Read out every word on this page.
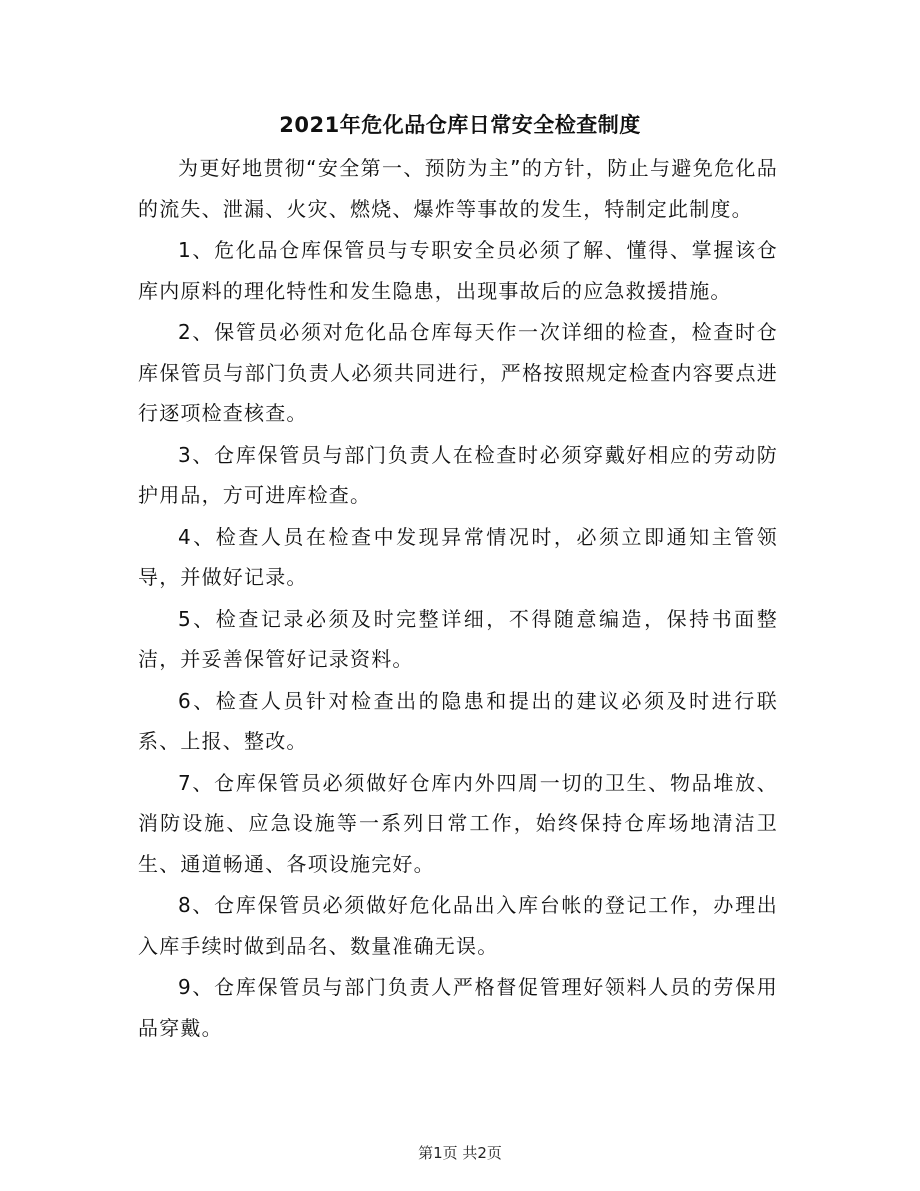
2021年危化品仓库日常安全检查制度

为更好地贯彻“安全第一、预防为主”的方针，防止与避免危化品的流失、泄漏、火灾、燃烧、爆炸等事故的发生，特制定此制度。

1、危化品仓库保管员与专职安全员必须了解、懂得、掌握该仓库内原料的理化特性和发生隐患，出现事故后的应急救援措施。

2、保管员必须对危化品仓库每天作一次详细的检查，检查时仓库保管员与部门负责人必须共同进行，严格按照规定检查内容要点进行逐项检查核查。

3、仓库保管员与部门负责人在检查时必须穿戴好相应的劳动防护用品，方可进库检查。

4、检查人员在检查中发现异常情况时，必须立即通知主管领导，并做好记录。

5、检查记录必须及时完整详细，不得随意编造，保持书面整洁，并妥善保管好记录资料。

6、检查人员针对检查出的隐患和提出的建议必须及时进行联系、上报、整改。

7、仓库保管员必须做好仓库内外四周一切的卫生、物品堆放、消防设施、应急设施等一系列日常工作，始终保持仓库场地清洁卫生、通道畅通、各项设施完好。

8、仓库保管员必须做好危化品出入库台帐的登记工作，办理出入库手续时做到品名、数量准确无误。

9、仓库保管员与部门负责人严格督促管理好领料人员的劳保用品穿戴。

第1页 共2页
